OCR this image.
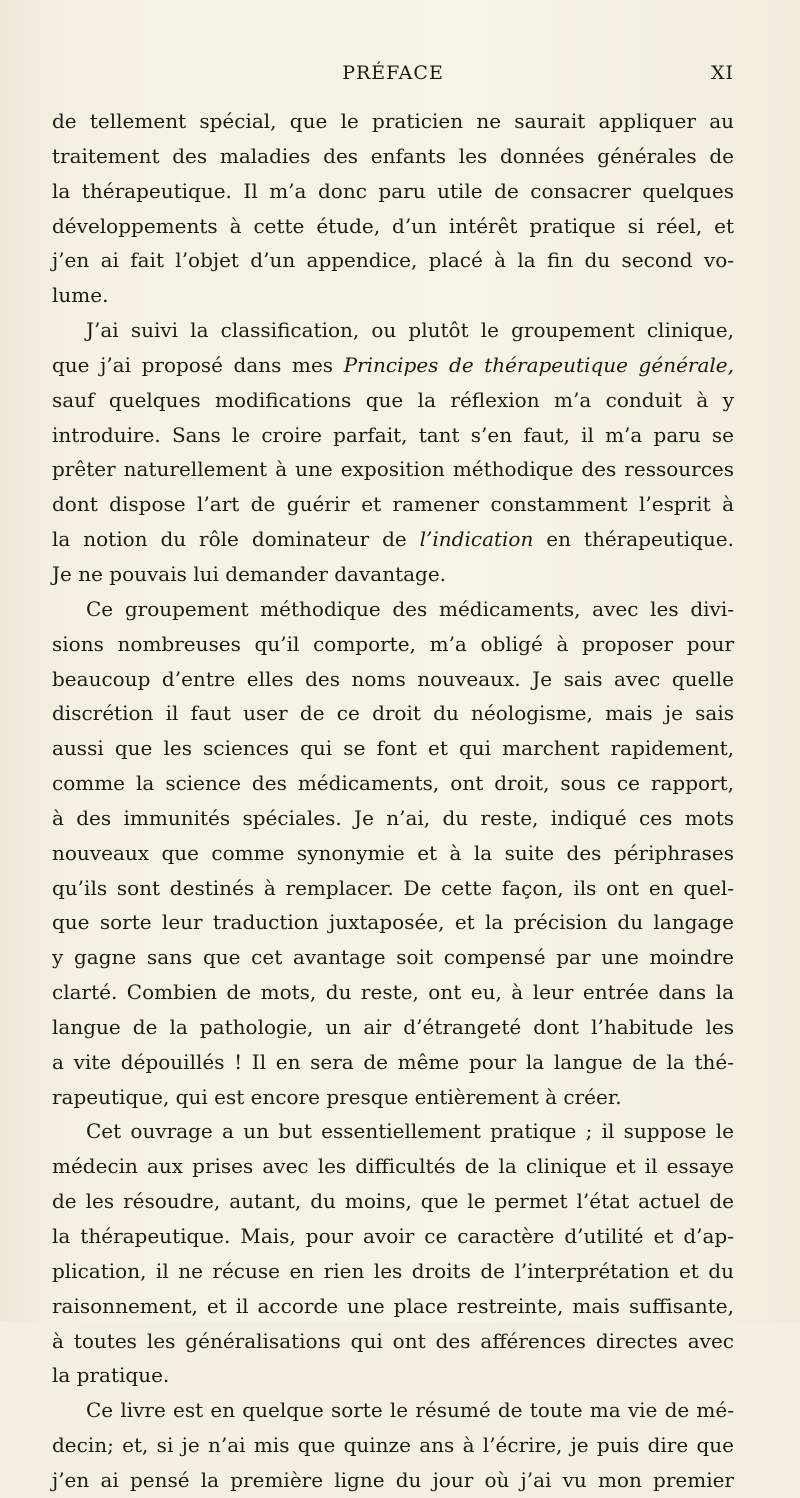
PRÉFACE	XI
de tellement spécial, que le praticien ne saurait appliquer au
traitement des maladies des enfants les données générales de
la thérapeutique. Il m’a donc paru utile de consacrer quelques
développements à cette étude, d’un intérêt pratique si réel, et
j’en ai fait l’objet d’un appendice, placé à la fin du second vo-
lume.
J’ai suivi la classification, ou plutôt le groupement clinique,
que j’ai proposé dans mes Principes de thérapeutique générale,
sauf quelques modifications que la réflexion m’a conduit à y
introduire. Sans le croire parfait, tant s’en faut, il m’a paru se
prêter naturellement à une exposition méthodique des ressources
dont dispose l’art de guérir et ramener constamment l’esprit à
la notion du rôle dominateur de l’indication en thérapeutique.
Je ne pouvais lui demander davantage.
Ce groupement méthodique des médicaments, avec les divi-
sions nombreuses qu’il comporte, m’a obligé à proposer pour
beaucoup d’entre elles des noms nouveaux. Je sais avec quelle
discrétion il faut user de ce droit du néologisme, mais je sais
aussi que les sciences qui se font et qui marchent rapidement,
comme la science des médicaments, ont droit, sous ce rapport,
à des immunités spéciales. Je n’ai, du reste, indiqué ces mots
nouveaux que comme synonymie et à la suite des périphrases
qu’ils sont destinés à remplacer. De cette façon, ils ont en quel-
que sorte leur traduction juxtaposée, et la précision du langage
y gagne sans que cet avantage soit compensé par une moindre
clarté. Combien de mots, du reste, ont eu, à leur entrée dans la
langue de la pathologie, un air d’étrangeté dont l’habitude les
a vite dépouillés ! Il en sera de même pour la langue de la thé-
rapeutique, qui est encore presque entièrement à créer.
Cet ouvrage a un but essentiellement pratique ; il suppose le
médecin aux prises avec les difficultés de la clinique et il essaye
de les résoudre, autant, du moins, que le permet l’état actuel de
la thérapeutique. Mais, pour avoir ce caractère d’utilité et d’ap-
plication, il ne récuse en rien les droits de l’interprétation et du
raisonnement, et il accorde une place restreinte, mais suffisante,
à toutes les généralisations qui ont des afférences directes avec
la pratique.
Ce livre est en quelque sorte le résumé de toute ma vie de mé-
decin; et, si je n’ai mis que quinze ans à l’écrire, je puis dire que
j’en ai pensé la première ligne du jour où j’ai vu mon premier
